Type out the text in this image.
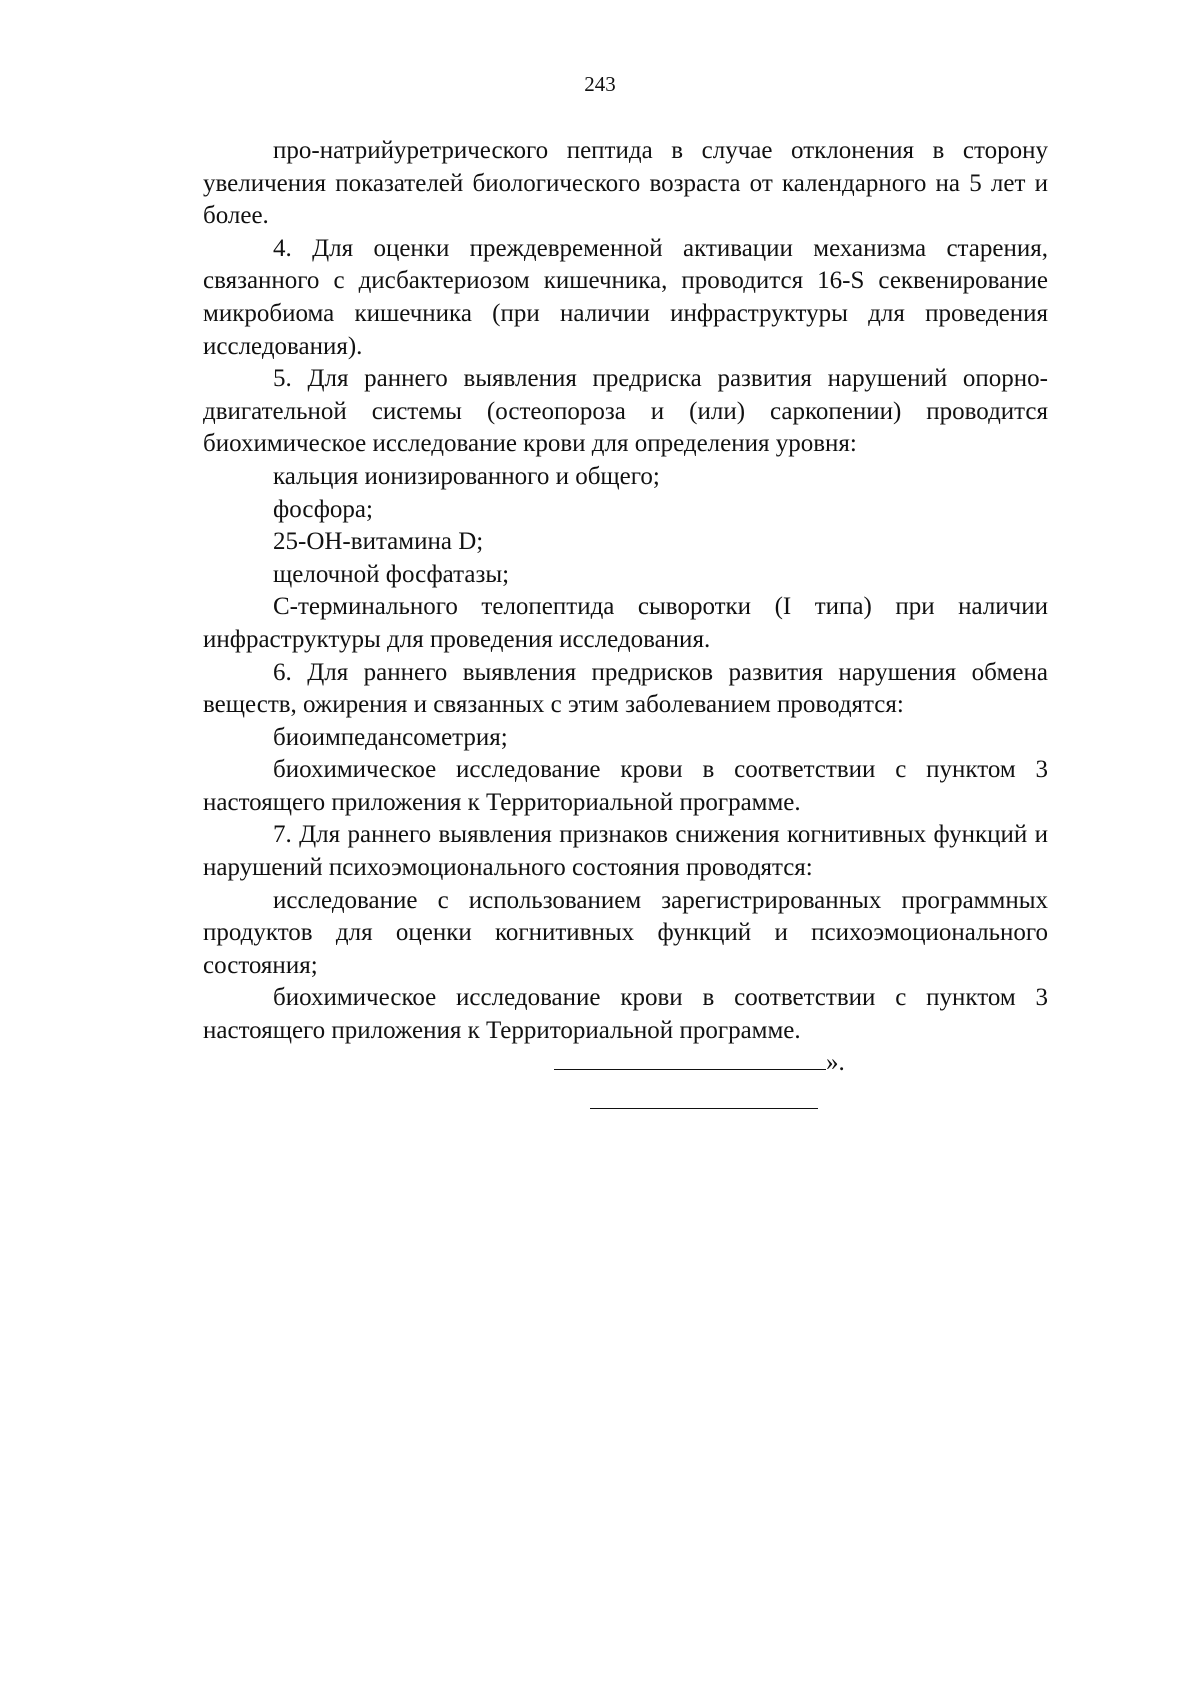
243

про-натрийуретрического пептида в случае отклонения в сторону увеличения показателей биологического возраста от календарного на 5 лет и более.

4. Для оценки преждевременной активации механизма старения, связанного с дисбактериозом кишечника, проводится 16-S секвенирование микробиома кишечника (при наличии инфраструктуры для проведения исследования).

5. Для раннего выявления предриска развития нарушений опорно-двигательной системы (остеопороза и (или) саркопении) проводится биохимическое исследование крови для определения уровня:

кальция ионизированного и общего;

фосфора;

25-ОН-витамина D;

щелочной фосфатазы;

С-терминального телопептида сыворотки (I типа) при наличии инфраструктуры для проведения исследования.

6. Для раннего выявления предрисков развития нарушения обмена веществ, ожирения и связанных с этим заболеванием проводятся:

биоимпедансометрия;

биохимическое исследование крови в соответствии с пунктом 3 настоящего приложения к Территориальной программе.

7. Для раннего выявления признаков снижения когнитивных функций и нарушений психоэмоционального состояния проводятся:

исследование с использованием зарегистрированных программных продуктов для оценки когнитивных функций и психоэмоционального состояния;

биохимическое исследование крови в соответствии с пунктом 3 настоящего приложения к Территориальной программе.

».
